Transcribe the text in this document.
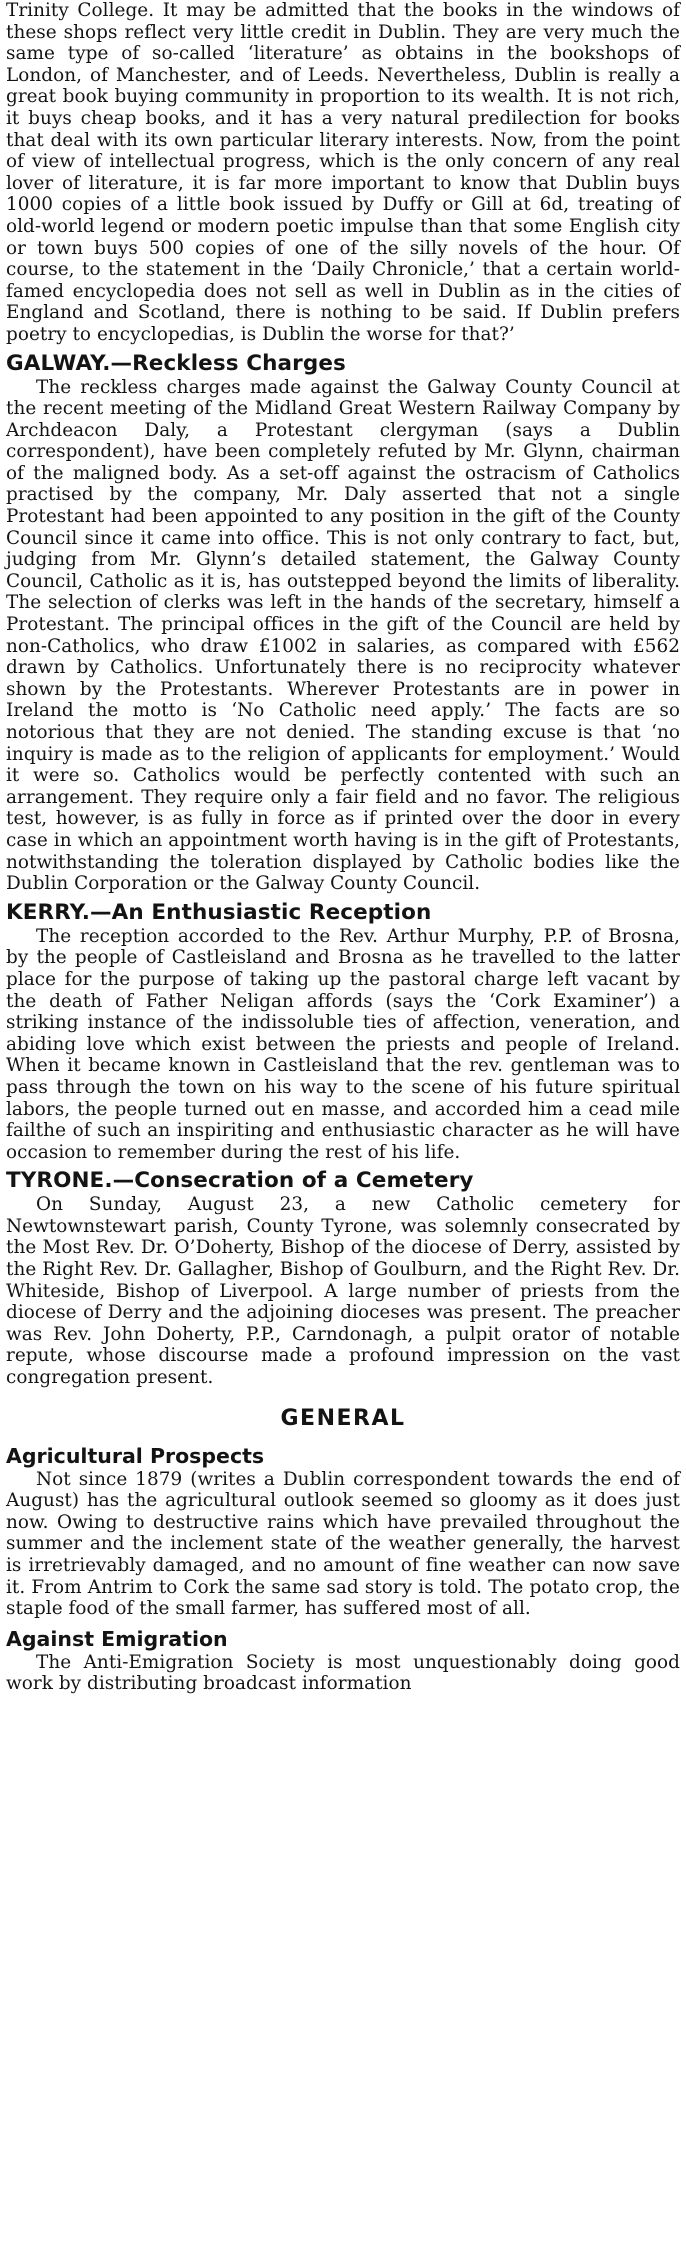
Trinity College. It may be admitted that the books in the windows of these shops reflect very little credit in Dublin. They are very much the same type of so-called ‘literature’ as obtains in the bookshops of London, of Manchester, and of Leeds. Nevertheless, Dublin is really a great book buying community in proportion to its wealth. It is not rich, it buys cheap books, and it has a very natural predilection for books that deal with its own particular literary interests. Now, from the point of view of intellectual progress, which is the only concern of any real lover of literature, it is far more important to know that Dublin buys 1000 copies of a little book issued by Duffy or Gill at 6d, treating of old-world legend or modern poetic impulse than that some English city or town buys 500 copies of one of the silly novels of the hour. Of course, to the statement in the ‘Daily Chronicle,’ that a certain world-famed encyclopedia does not sell as well in Dublin as in the cities of England and Scotland, there is nothing to be said. If Dublin prefers poetry to encyclopedias, is Dublin the worse for that?’

GALWAY.—Reckless Charges

The reckless charges made against the Galway County Council at the recent meeting of the Midland Great Western Railway Company by Archdeacon Daly, a Protestant clergyman (says a Dublin correspondent), have been completely refuted by Mr. Glynn, chairman of the maligned body. As a set-off against the ostracism of Catholics practised by the company, Mr. Daly asserted that not a single Protestant had been appointed to any position in the gift of the County Council since it came into office. This is not only contrary to fact, but, judging from Mr. Glynn’s detailed statement, the Galway County Council, Catholic as it is, has outstepped beyond the limits of liberality. The selection of clerks was left in the hands of the secretary, himself a Protestant. The principal offices in the gift of the Council are held by non-Catholics, who draw £1002 in salaries, as compared with £562 drawn by Catholics. Unfortunately there is no reciprocity whatever shown by the Protestants. Wherever Protestants are in power in Ireland the motto is ‘No Catholic need apply.’ The facts are so notorious that they are not denied. The standing excuse is that ‘no inquiry is made as to the religion of applicants for employment.’ Would it were so. Catholics would be perfectly contented with such an arrangement. They require only a fair field and no favor. The religious test, however, is as fully in force as if printed over the door in every case in which an appointment worth having is in the gift of Protestants, notwithstanding the toleration displayed by Catholic bodies like the Dublin Corporation or the Galway County Council.

KERRY.—An Enthusiastic Reception

The reception accorded to the Rev. Arthur Murphy, P.P. of Brosna, by the people of Castleisland and Brosna as he travelled to the latter place for the purpose of taking up the pastoral charge left vacant by the death of Father Neligan affords (says the ‘Cork Examiner’) a striking instance of the indissoluble ties of affection, veneration, and abiding love which exist between the priests and people of Ireland. When it became known in Castleisland that the rev. gentleman was to pass through the town on his way to the scene of his future spiritual labors, the people turned out en masse, and accorded him a cead mile failthe of such an inspiriting and enthusiastic character as he will have occasion to remember during the rest of his life.

TYRONE.—Consecration of a Cemetery

On Sunday, August 23, a new Catholic cemetery for Newtownstewart parish, County Tyrone, was solemnly consecrated by the Most Rev. Dr. O’Doherty, Bishop of the diocese of Derry, assisted by the Right Rev. Dr. Gallagher, Bishop of Goulburn, and the Right Rev. Dr. Whiteside, Bishop of Liverpool. A large number of priests from the diocese of Derry and the adjoining dioceses was present. The preacher was Rev. John Doherty, P.P., Carndonagh, a pulpit orator of notable repute, whose discourse made a profound impression on the vast congregation present.

GENERAL
Agricultural Prospects

Not since 1879 (writes a Dublin correspondent towards the end of August) has the agricultural outlook seemed so gloomy as it does just now. Owing to destructive rains which have prevailed throughout the summer and the inclement state of the weather generally, the harvest is irretrievably damaged, and no amount of fine weather can now save it. From Antrim to Cork the same sad story is told. The potato crop, the staple food of the small farmer, has suffered most of all.

Against Emigration

The Anti-Emigration Society is most unquestionably doing good work by distributing broadcast information
